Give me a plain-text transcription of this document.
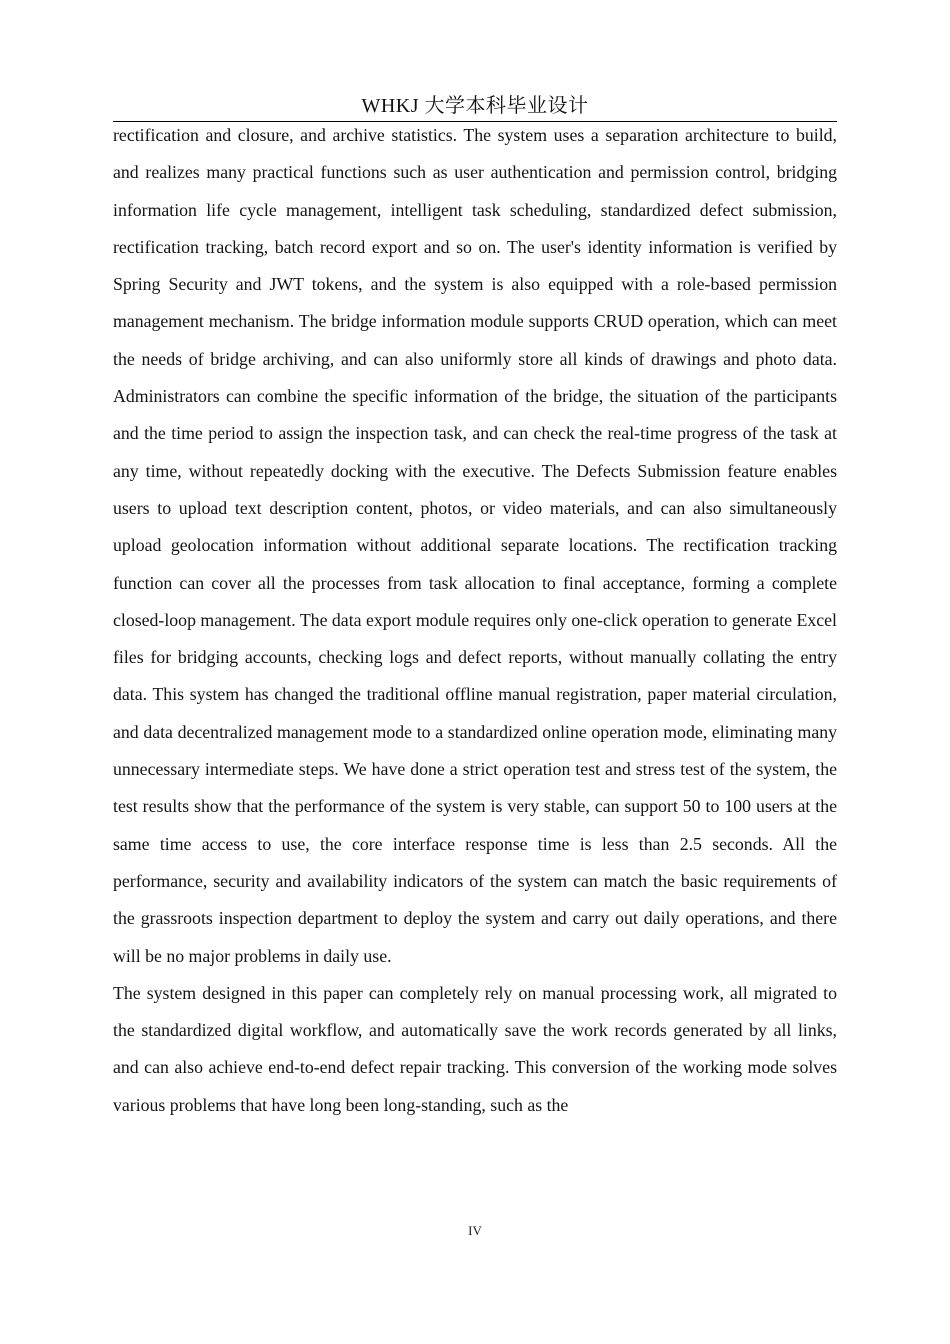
WHKJ 大学本科毕业设计

rectification and closure, and archive statistics. The system uses a separation architecture to build, and realizes many practical functions such as user authentication and permission control, bridging information life cycle management, intelligent task scheduling, standardized defect submission, rectification tracking, batch record export and so on. The user's identity information is verified by Spring Security and JWT tokens, and the system is also equipped with a role-based permission management mechanism. The bridge information module supports CRUD operation, which can meet the needs of bridge archiving, and can also uniformly store all kinds of drawings and photo data. Administrators can combine the specific information of the bridge, the situation of the participants and the time period to assign the inspection task, and can check the real-time progress of the task at any time, without repeatedly docking with the executive. The Defects Submission feature enables users to upload text description content, photos, or video materials, and can also simultaneously upload geolocation information without additional separate locations. The rectification tracking function can cover all the processes from task allocation to final acceptance, forming a complete closed-loop management. The data export module requires only one-click operation to generate Excel files for bridging accounts, checking logs and defect reports, without manually collating the entry data. This system has changed the traditional offline manual registration, paper material circulation, and data decentralized management mode to a standardized online operation mode, eliminating many unnecessary intermediate steps. We have done a strict operation test and stress test of the system, the test results show that the performance of the system is very stable, can support 50 to 100 users at the same time access to use, the core interface response time is less than 2.5 seconds. All the performance, security and availability indicators of the system can match the basic requirements of the grassroots inspection department to deploy the system and carry out daily operations, and there will be no major problems in daily use.

The system designed in this paper can completely rely on manual processing work, all migrated to the standardized digital workflow, and automatically save the work records generated by all links, and can also achieve end-to-end defect repair tracking. This conversion of the working mode solves various problems that have long been long-standing, such as the

IV
